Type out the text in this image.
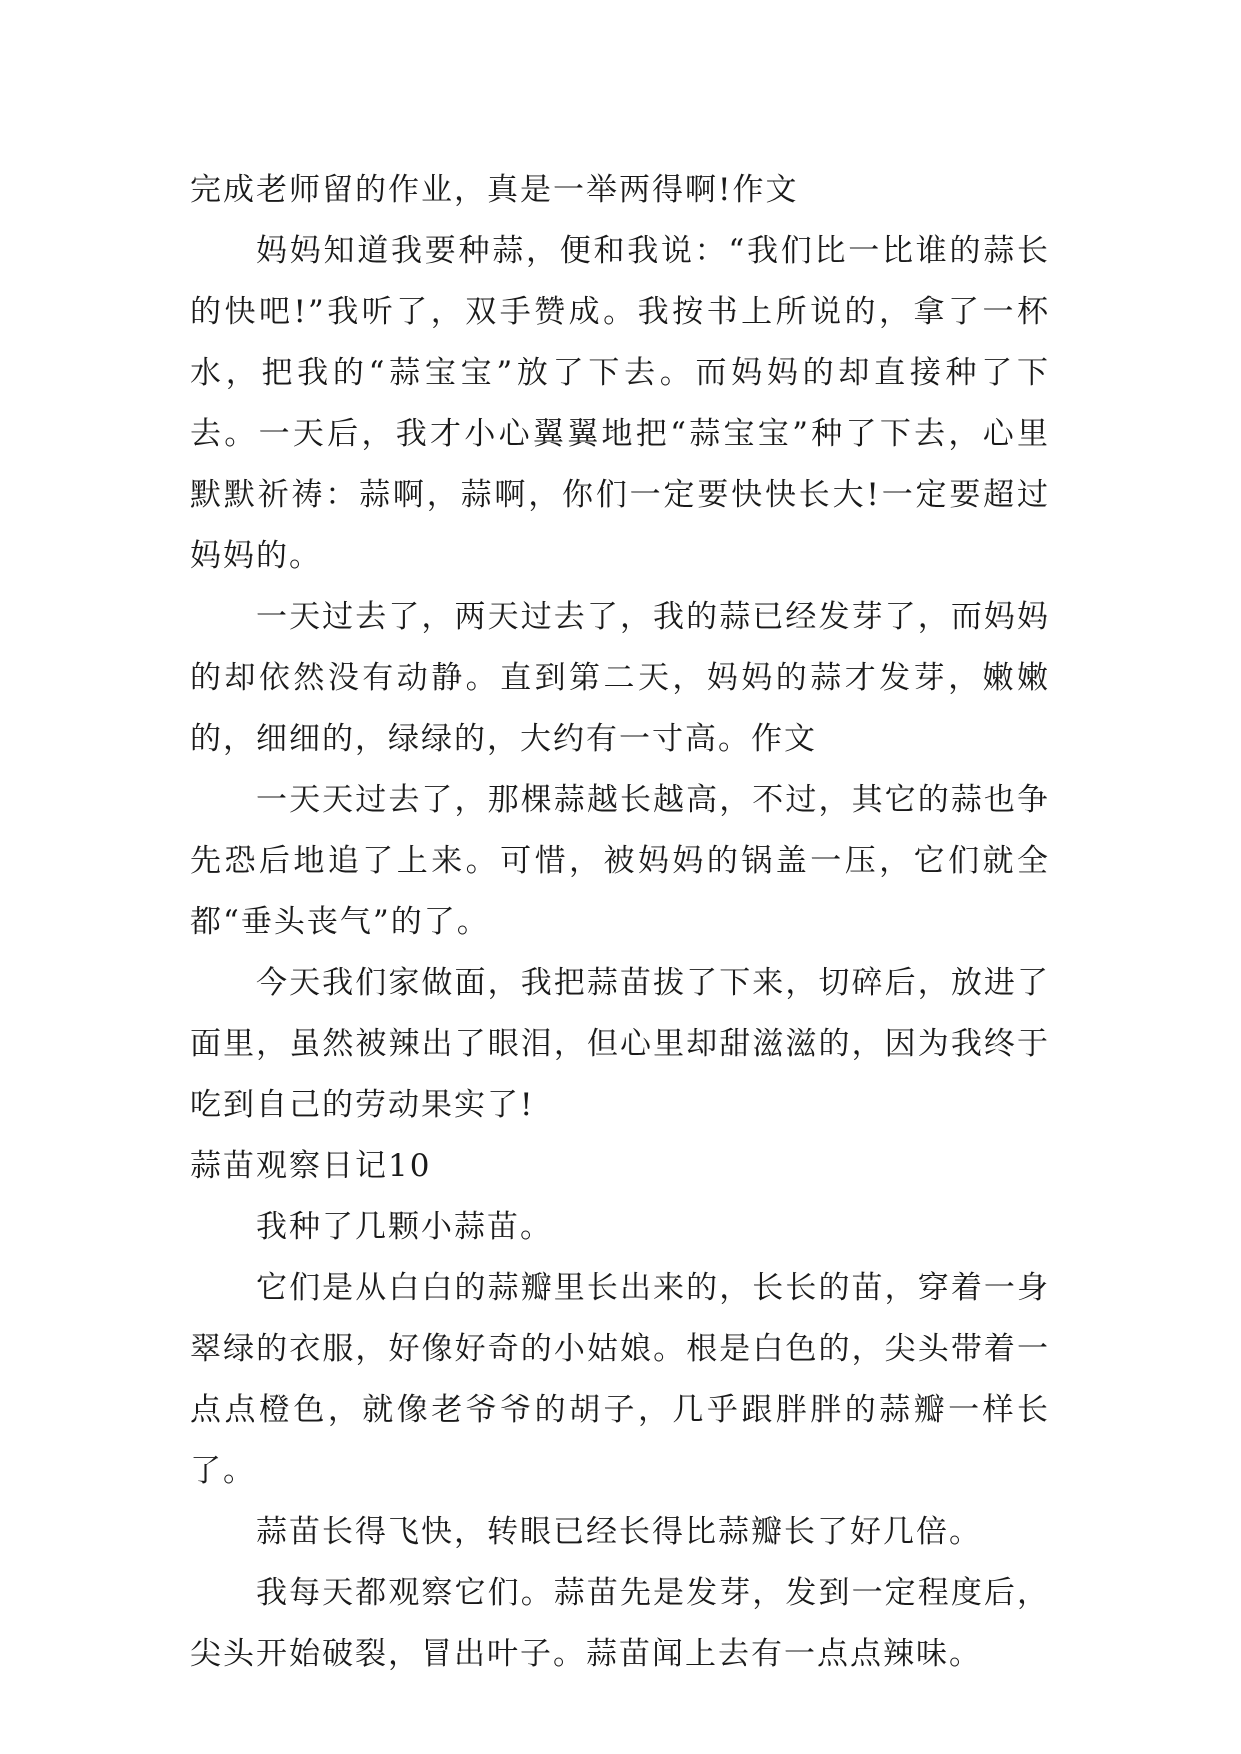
完成老师留的作业，真是一举两得啊!作文

妈妈知道我要种蒜，便和我说：“我们比一比谁的蒜长的快吧!”我听了，双手赞成。我按书上所说的，拿了一杯水，把我的“蒜宝宝”放了下去。而妈妈的却直接种了下去。一天后，我才小心翼翼地把“蒜宝宝”种了下去，心里默默祈祷：蒜啊，蒜啊，你们一定要快快长大!一定要超过妈妈的。

一天过去了，两天过去了，我的蒜已经发芽了，而妈妈的却依然没有动静。直到第二天，妈妈的蒜才发芽，嫩嫩的，细细的，绿绿的，大约有一寸高。作文

一天天过去了，那棵蒜越长越高，不过，其它的蒜也争先恐后地追了上来。可惜，被妈妈的锅盖一压，它们就全都“垂头丧气”的了。

今天我们家做面，我把蒜苗拔了下来，切碎后，放进了面里，虽然被辣出了眼泪，但心里却甜滋滋的，因为我终于吃到自己的劳动果实了!

蒜苗观察日记10

我种了几颗小蒜苗。

它们是从白白的蒜瓣里长出来的，长长的苗，穿着一身翠绿的衣服，好像好奇的小姑娘。根是白色的，尖头带着一点点橙色，就像老爷爷的胡子，几乎跟胖胖的蒜瓣一样长了。

蒜苗长得飞快，转眼已经长得比蒜瓣长了好几倍。

我每天都观察它们。蒜苗先是发芽，发到一定程度后，尖头开始破裂，冒出叶子。蒜苗闻上去有一点点辣味。
